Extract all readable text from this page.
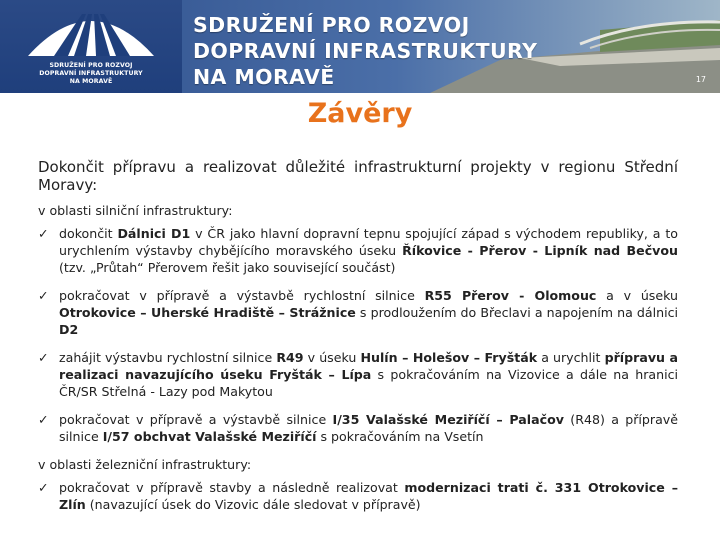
SDRUŽENÍ PRO ROZVOJ
DOPRAVNÍ INFRASTRUKTURY
NA MORAVĚ
SDRUŽENÍ PRO ROZVOJ
DOPRAVNÍ INFRASTRUKTURY
NA MORAVĚ	17
Závěry
Dokončit přípravu a realizovat důležité infrastrukturní projekty v regionu Střední Moravy:
v oblasti silniční infrastruktury:
✓ dokončit Dálnici D1 v ČR jako hlavní dopravní tepnu spojující západ s východem republiky, a to urychlením výstavby chybějícího moravského úseku Říkovice - Přerov - Lipník nad Bečvou (tzv. „Průtah“ Přerovem řešit jako související součást)
✓ pokračovat v přípravě a výstavbě rychlostní silnice R55 Přerov - Olomouc a v úseku Otrokovice – Uherské Hradiště – Strážnice s prodloužením do Břeclavi a napojením na dálnici D2
✓ zahájit výstavbu rychlostní silnice R49 v úseku Hulín – Holešov – Fryšták a urychlit přípravu a realizaci navazujícího úseku Fryšták – Lípa s pokračováním na Vizovice a dále na hranici ČR/SR Střelná - Lazy pod Makytou
✓ pokračovat v přípravě a výstavbě silnice I/35 Valašské Meziříčí – Palačov (R48) a přípravě silnice I/57 obchvat Valašské Meziříčí s pokračováním na Vsetín
v oblasti železniční infrastruktury:
✓ pokračovat v přípravě stavby a následně realizovat modernizaci trati č. 331 Otrokovice – Zlín (navazující úsek do Vizovic dále sledovat v přípravě)
